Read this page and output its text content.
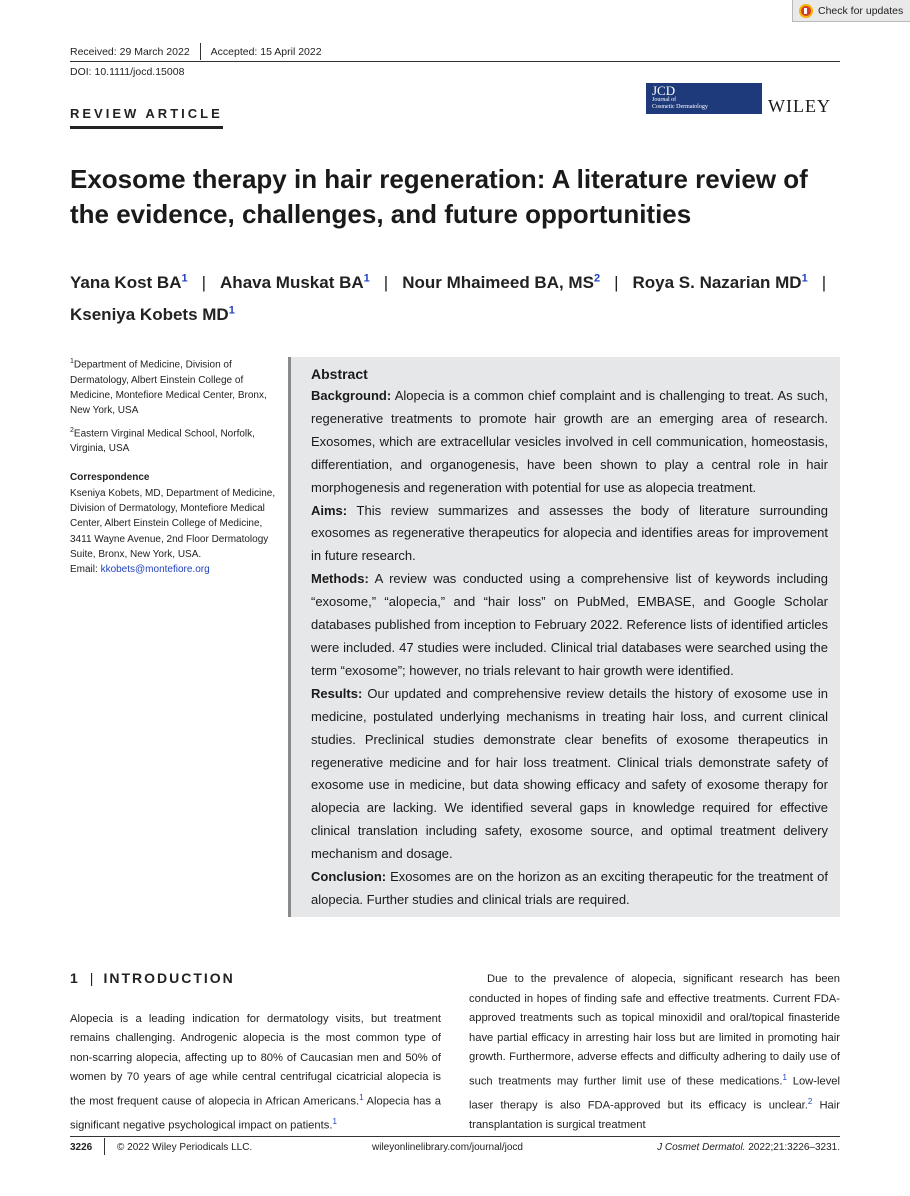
Check for updates
Received: 29 March 2022 Accepted: 15 April 2022
DOI: 10.1111/jocd.15008
REVIEW ARTICLE
JCD
Journal of
Cosmetic Dermatology	WILEY
Exosome therapy in hair regeneration: A literature review of the evidence, challenges, and future opportunities
Yana Kost $BA^1$ | Ahava Muskat $BA^1$ | Nour Mhaimeed BA, $MS^2$ | Roya S. Nazarian $MD^1$ |
Kseniya Kobets $MD^1$

$^1$Department of Medicine, Division of Dermatology, Albert Einstein College of Medicine, Montefiore Medical Center, Bronx, New York, USA

$^2$Eastern Virginal Medical School, Norfolk, Virginia, USA

Correspondence

Kseniya Kobets, MD, Department of Medicine, Division of Dermatology, Montefiore Medical Center, Albert Einstein College of Medicine, 3411 Wayne Avenue, 2nd Floor Dermatology Suite, Bronx, New York, USA.
Email: kkobets@montefiore.org

Abstract

Background: Alopecia is a common chief complaint and is challenging to treat. As such, regenerative treatments to promote hair growth are an emerging area of research. Exosomes, which are extracellular vesicles involved in cell communication, homeostasis, differentiation, and organogenesis, have been shown to play a central role in hair morphogenesis and regeneration with potential for use as alopecia treatment.

Aims: This review summarizes and assesses the body of literature surrounding exosomes as regenerative therapeutics for alopecia and identifies areas for improvement in future research.

Methods: A review was conducted using a comprehensive list of keywords including “exosome,” “alopecia,” and “hair loss” on PubMed, EMBASE, and Google Scholar databases published from inception to February 2022. Reference lists of identified articles were included. 47 studies were included. Clinical trial databases were searched using the term “exosome”; however, no trials relevant to hair growth were identified.

Results: Our updated and comprehensive review details the history of exosome use in medicine, postulated underlying mechanisms in treating hair loss, and current clinical studies. Preclinical studies demonstrate clear benefits of exosome therapeutics in regenerative medicine and for hair loss treatment. Clinical trials demonstrate safety of exosome use in medicine, but data showing efficacy and safety of exosome therapy for alopecia are lacking. We identified several gaps in knowledge required for effective clinical translation including safety, exosome source, and optimal treatment delivery mechanism and dosage.

Conclusion: Exosomes are on the horizon as an exciting therapeutic for the treatment of alopecia. Further studies and clinical trials are required.

1 | INTRODUCTION

Alopecia is a leading indication for dermatology visits, but treatment remains challenging. Androgenic alopecia is the most common type of non-scarring alopecia, affecting up to 80% of Caucasian men and 50% of women by 70 years of age while central centrifugal cicatricial alopecia is the most frequent cause of alopecia in African Americans.$^1$ Alopecia has a significant negative psychological impact on patients.$^1$

Due to the prevalence of alopecia, significant research has been conducted in hopes of finding safe and effective treatments. Current FDA-approved treatments such as topical minoxidil and oral/topical finasteride have partial efficacy in arresting hair loss but are limited in promoting hair growth. Furthermore, adverse effects and difficulty adhering to daily use of such treatments may further limit use of these medications.$^1$ Low-level laser therapy is also FDA-approved but its efficacy is unclear.$^2$ Hair transplantation is surgical treatment

3226 © 2022 Wiley Periodicals LLC.	wileyonlinelibrary.com/journal/jocd	J Cosmet Dermatol. 2022;21:3226–3231.
